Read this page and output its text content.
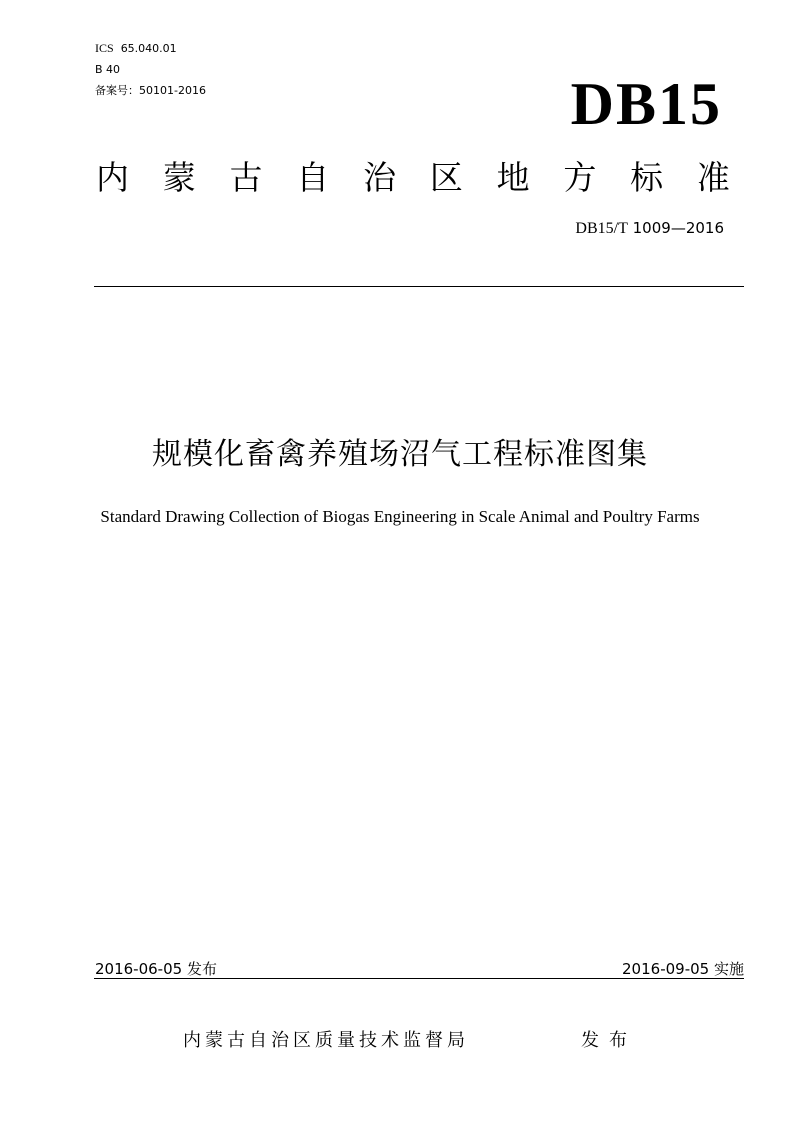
ICS 65.040.01
B 40
备案号：50101-2016	DB15
内 蒙 古 自 治 区 地 方 标 准
DB15/T 1009—2016
规模化畜禽养殖场沼气工程标准图集
Standard Drawing Collection of Biogas Engineering in Scale Animal and Poultry Farms
2016-06-05 发布	2016-09-05 实施
内蒙古自治区质量技术监督局	发布
